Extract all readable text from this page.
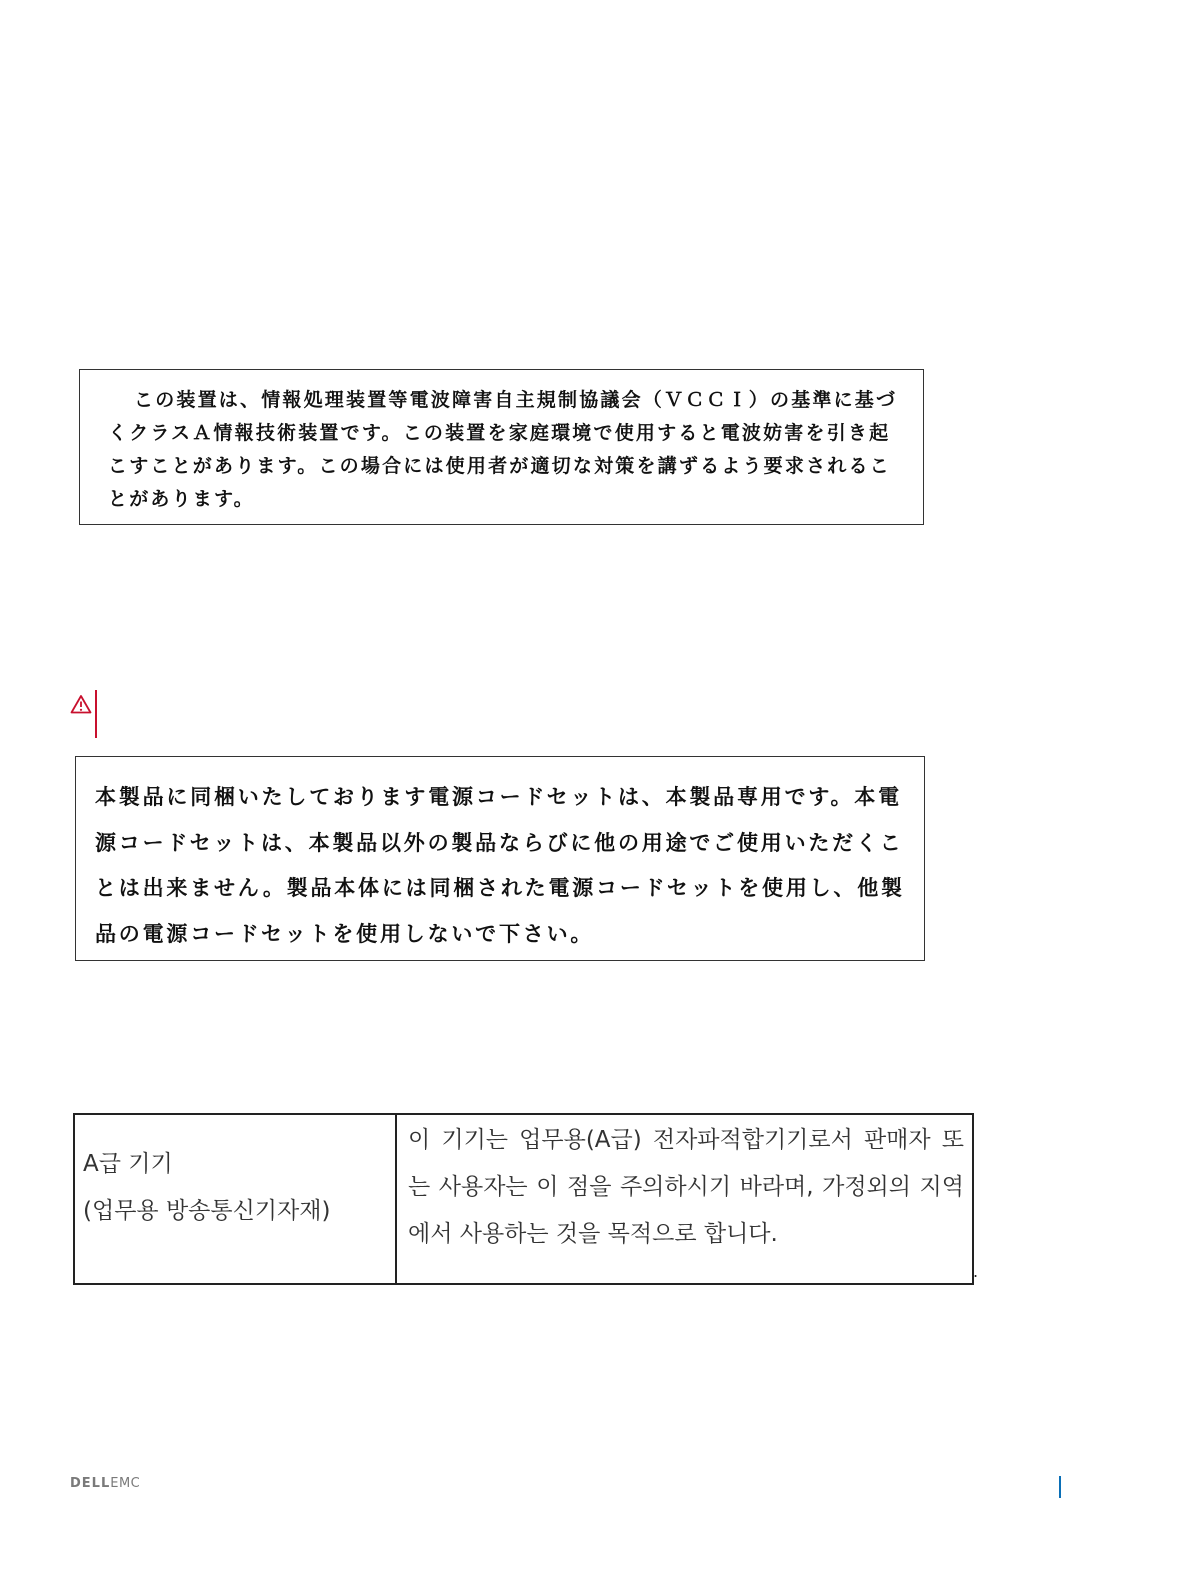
この装置は、情報処理装置等電波障害自主規制協議会（ＶＣＣＩ）の基準に基づくクラスＡ情報技術装置です。この装置を家庭環境で使用すると電波妨害を引き起こすことがあります。この場合には使用者が適切な対策を講ずるよう要求されることがあります。

本製品に同梱いたしております電源コードセットは、本製品専用です。本電源コードセットは、本製品以外の製品ならびに他の用途でご使用いただくことは出来ません。製品本体には同梱された電源コードセットを使用し、他製品の電源コードセットを使用しないで下さい。

A급 기기
(업무용 방송통신기자재)

이 기기는 업무용(A급) 전자파적합기기로서 판매자 또는 사용자는 이 점을 주의하시기 바라며, 가정외의 지역에서 사용하는 것을 목적으로 합니다.

.
DELLEMC
